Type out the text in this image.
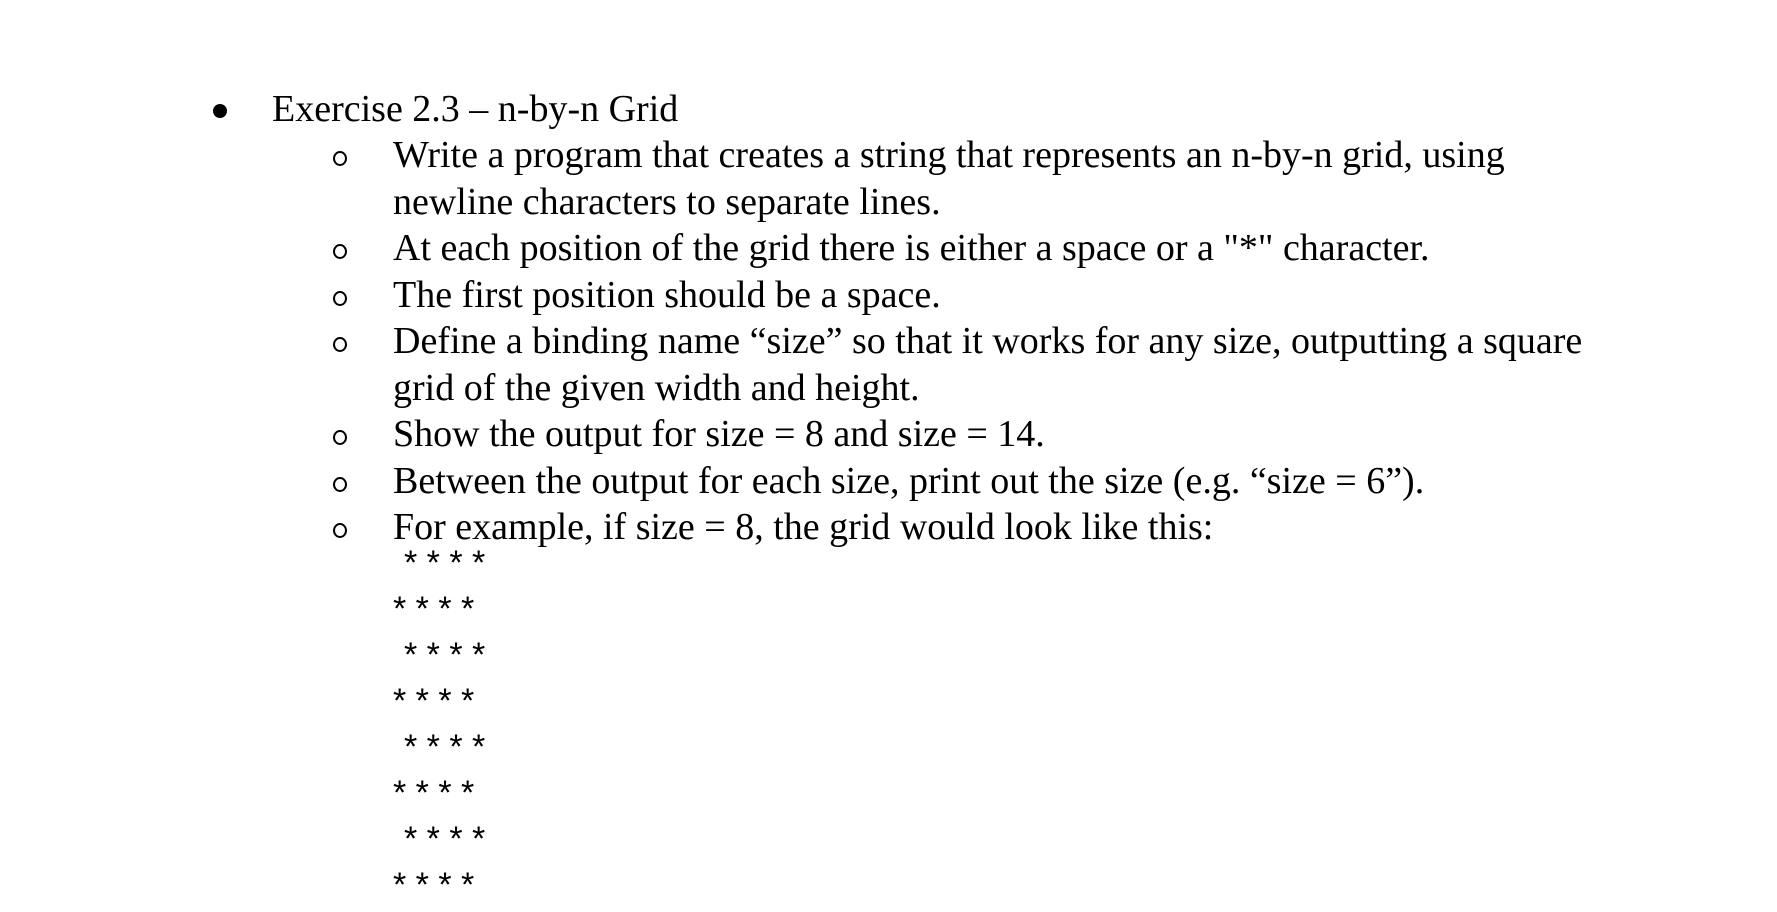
Exercise 2.3 – n-by-n Grid
Write a program that creates a string that represents an n-by-n grid, using newline characters to separate lines.
At each position of the grid there is either a space or a "*" character.
The first position should be a space.
Define a binding name “size” so that it works for any size, outputting a square grid of the given width and height.
Show the output for size = 8 and size = 14.
Between the output for each size, print out the size (e.g. “size = 6”).
For example, if size = 8, the grid would look like this:
* * * *
* * * *
* * * *
* * * *
* * * *
* * * *
* * * *
* * * *
